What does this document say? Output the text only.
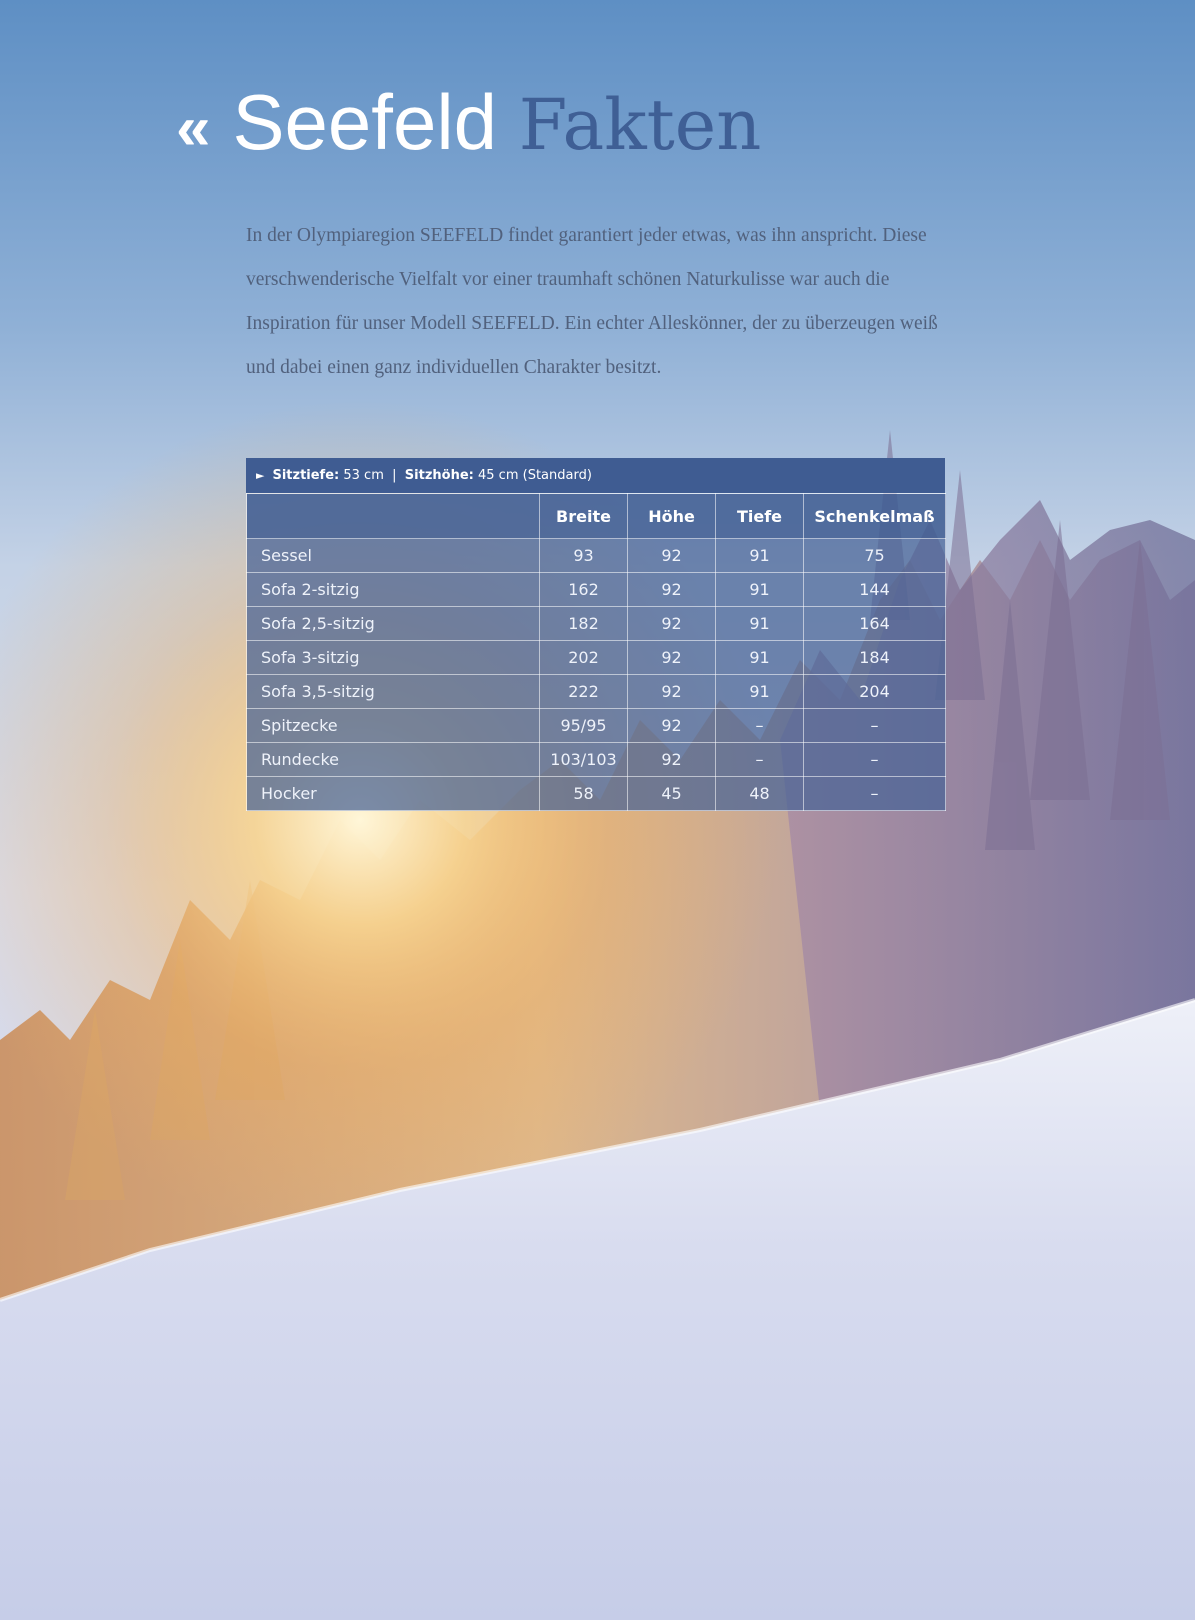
« Seefeld Fakten

In der Olympiaregion SEEFELD findet garantiert jeder etwas, was ihn anspricht. Diese verschwenderische Vielfalt vor einer traumhaft schönen Naturkulisse war auch die Inspiration für unser Modell SEEFELD. Ein echter Alleskönner, der zu überzeugen weiß und dabei einen ganz individuellen Charakter besitzt.

► Sitztiefe: 53 cm | Sitzhöhe: 45 cm (Standard)
	Breite	Höhe	Tiefe	Schenkelmaß
Sessel	93	92	91	75
Sofa 2-sitzig	162	92	91	144
Sofa 2,5-sitzig	182	92	91	164
Sofa 3-sitzig	202	92	91	184
Sofa 3,5-sitzig	222	92	91	204
Spitzecke	95/95	92	–	–
Rundecke	103/103	92	–	–
Hocker	58	45	48	–
